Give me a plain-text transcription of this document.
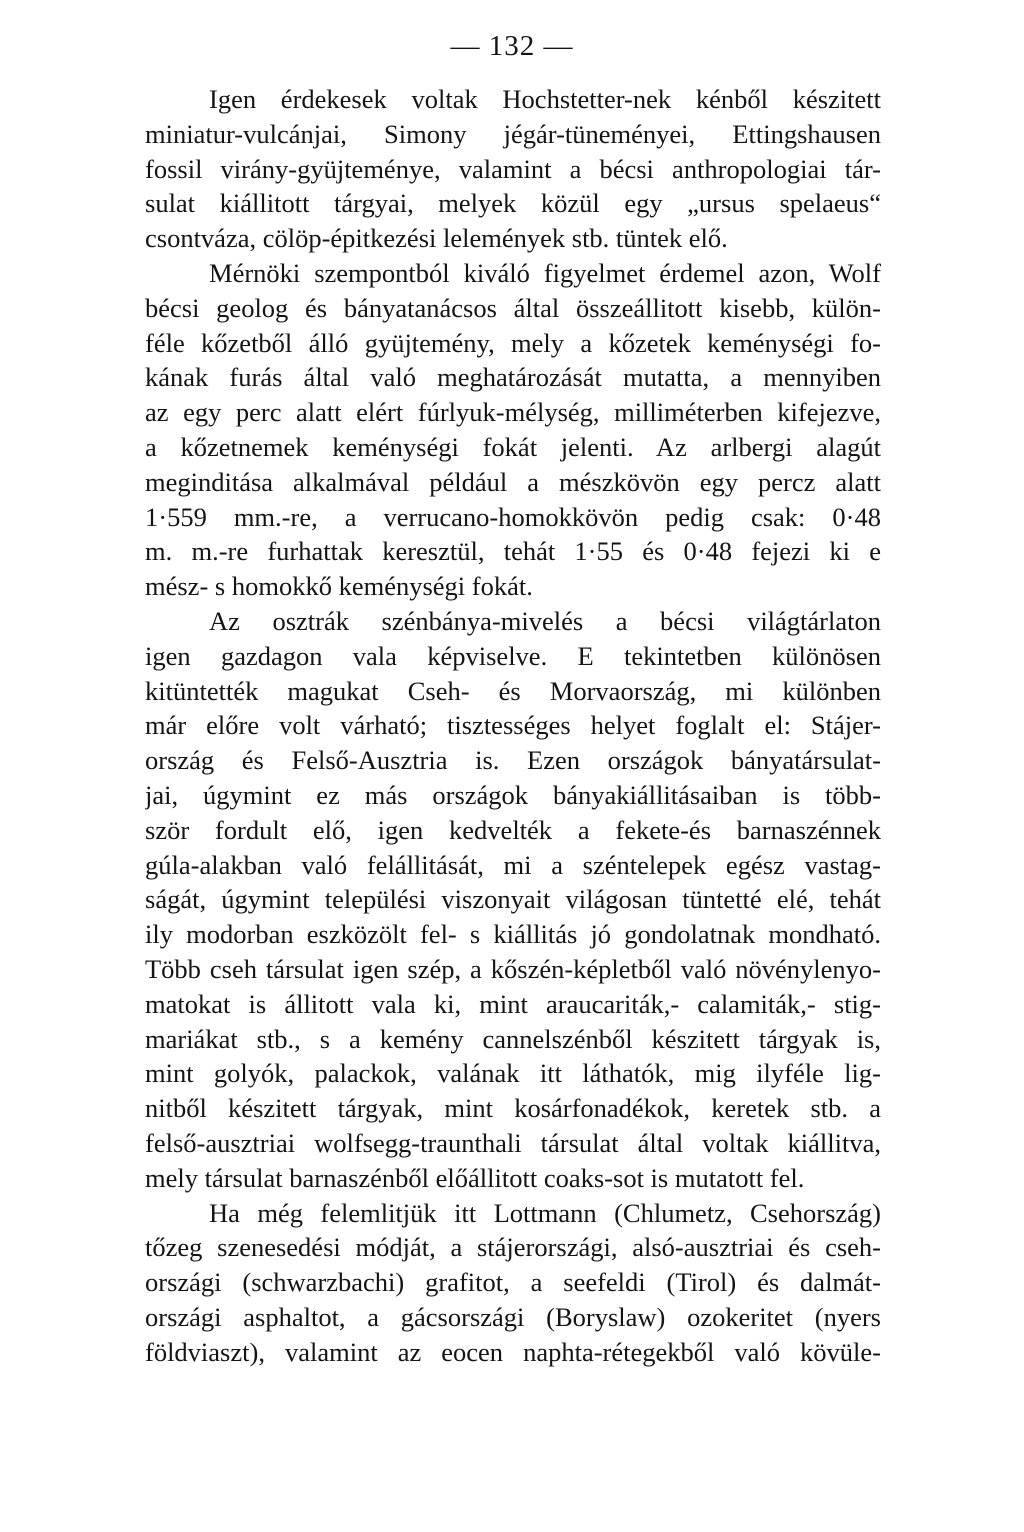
— 132 —
Igen érdekesek voltak Hochstetter-nek kénből készitett
miniatur-vulcánjai, Simony jégár-tüneményei, Ettingshausen
fossil virány-gyüjteménye, valamint a bécsi anthropologiai tár-
sulat kiállitott tárgyai, melyek közül egy „ursus spelaeus“
csontváza, cölöp-épitkezési lelemények stb. tüntek elő.
Mérnöki szempontból kiváló figyelmet érdemel azon, Wolf
bécsi geolog és bányatanácsos által összeállitott kisebb, külön-
féle kőzetből álló gyüjtemény, mely a kőzetek keménységi fo-
kának furás által való meghatározását mutatta, a mennyiben
az egy perc alatt elért fúrlyuk-mélység, milliméterben kifejezve,
a kőzetnemek keménységi fokát jelenti. Az arlbergi alagút
meginditása alkalmával például a mészkövön egy percz alatt
1·559 mm.-re, a verrucano-homokkövön pedig csak: 0·48
m. m.-re furhattak keresztül, tehát 1·55 és 0·48 fejezi ki e
mész- s homokkő keménységi fokát.
Az osztrák szénbánya-mivelés a bécsi világtárlaton
igen gazdagon vala képviselve. E tekintetben különösen
kitüntették magukat Cseh- és Morvaország, mi különben
már előre volt várható; tisztességes helyet foglalt el: Stájer-
ország és Felső-Ausztria is. Ezen országok bányatársulat-
jai, úgymint ez más országok bányakiállitásaiban is több-
ször fordult elő, igen kedvelték a fekete-és barnaszénnek
gúla-alakban való felállitását, mi a széntelepek egész vastag-
ságát, úgymint települési viszonyait világosan tüntetté elé, tehát
ily modorban eszközölt fel- s kiállitás jó gondolatnak mondható.
Több cseh társulat igen szép, a kőszén-képletből való növénylenyo-
matokat is állitott vala ki, mint araucariták,- calamiták,- stig-
mariákat stb., s a kemény cannelszénből készitett tárgyak is,
mint golyók, palackok, valának itt láthatók, mig ilyféle lig-
nitből készitett tárgyak, mint kosárfonadékok, keretek stb. a
felső-ausztriai wolfsegg-traunthali társulat által voltak kiállitva,
mely társulat barnaszénből előállitott coaks-sot is mutatott fel.
Ha még felemlitjük itt Lottmann (Chlumetz, Csehország)
tőzeg szenesedési módját, a stájerországi, alsó-ausztriai és cseh-
országi (schwarzbachi) grafitot, a seefeldi (Tirol) és dalmát-
országi asphaltot, a gácsországi (Boryslaw) ozokeritet (nyers
földviaszt), valamint az eocen naphta-rétegekből való kövüle-
